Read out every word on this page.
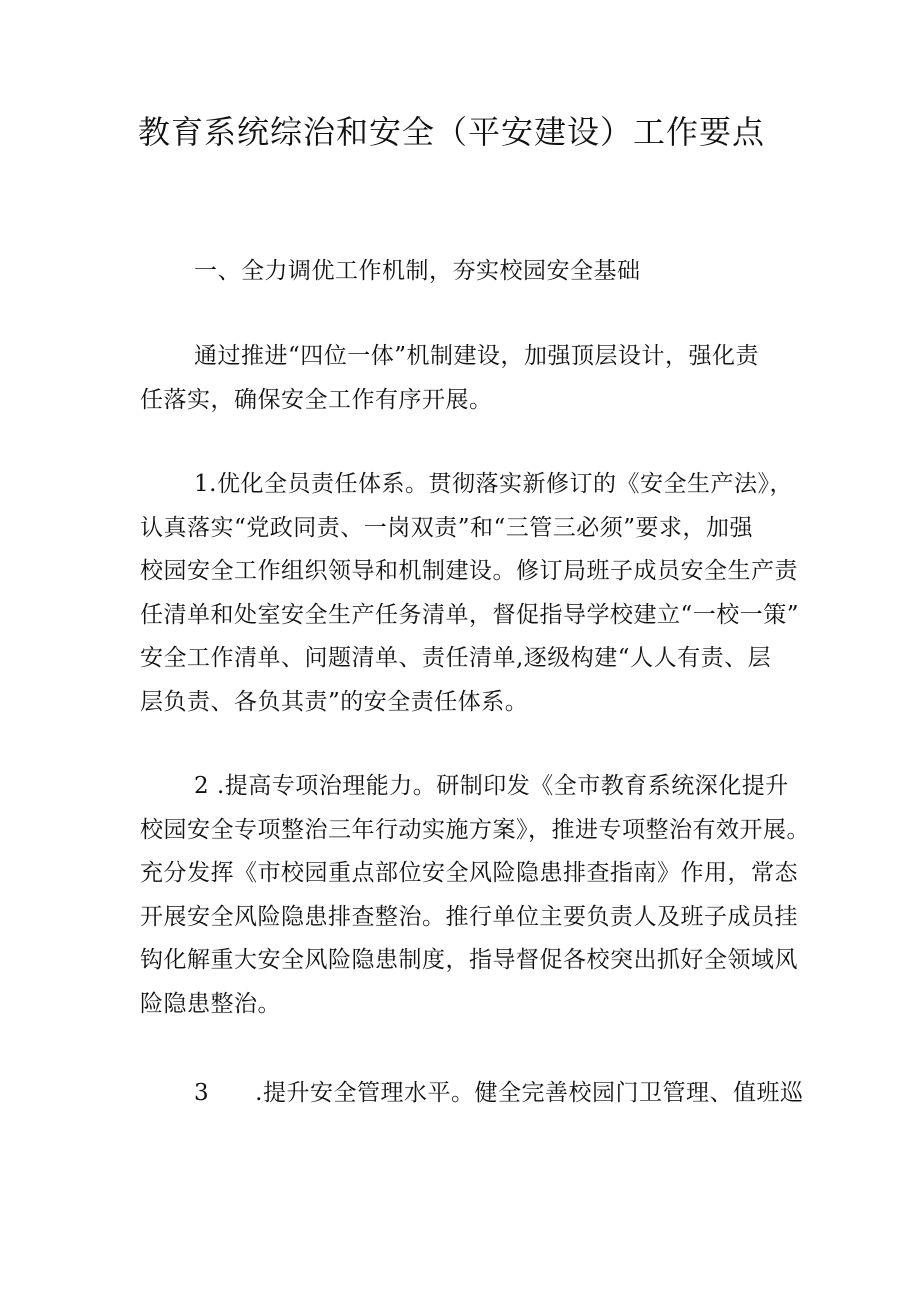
教育系统综治和安全（平安建设）工作要点
一、全力调优工作机制，夯实校园安全基础
通过推进“四位一体”机制建设，加强顶层设计，强化责
任落实，确保安全工作有序开展。
1.优化全员责任体系。贯彻落实新修订的《安全生产法》，
认真落实“党政同责、一岗双责”和“三管三必须”要求，加强
校园安全工作组织领导和机制建设。修订局班子成员安全生产责
任清单和处室安全生产任务清单，督促指导学校建立“一校一策”
安全工作清单、问题清单、责任清单,逐级构建“人人有责、层
层负责、各负其责”的安全责任体系。
2 .提高专项治理能力。研制印发《全市教育系统深化提升
校园安全专项整治三年行动实施方案》，推进专项整治有效开展。
充分发挥《市校园重点部位安全风险隐患排查指南》作用，常态
开展安全风险隐患排查整治。推行单位主要负责人及班子成员挂
钩化解重大安全风险隐患制度，指导督促各校突出抓好全领域风
险隐患整治。
3 .提升安全管理水平。健全完善校园门卫管理、值班巡
